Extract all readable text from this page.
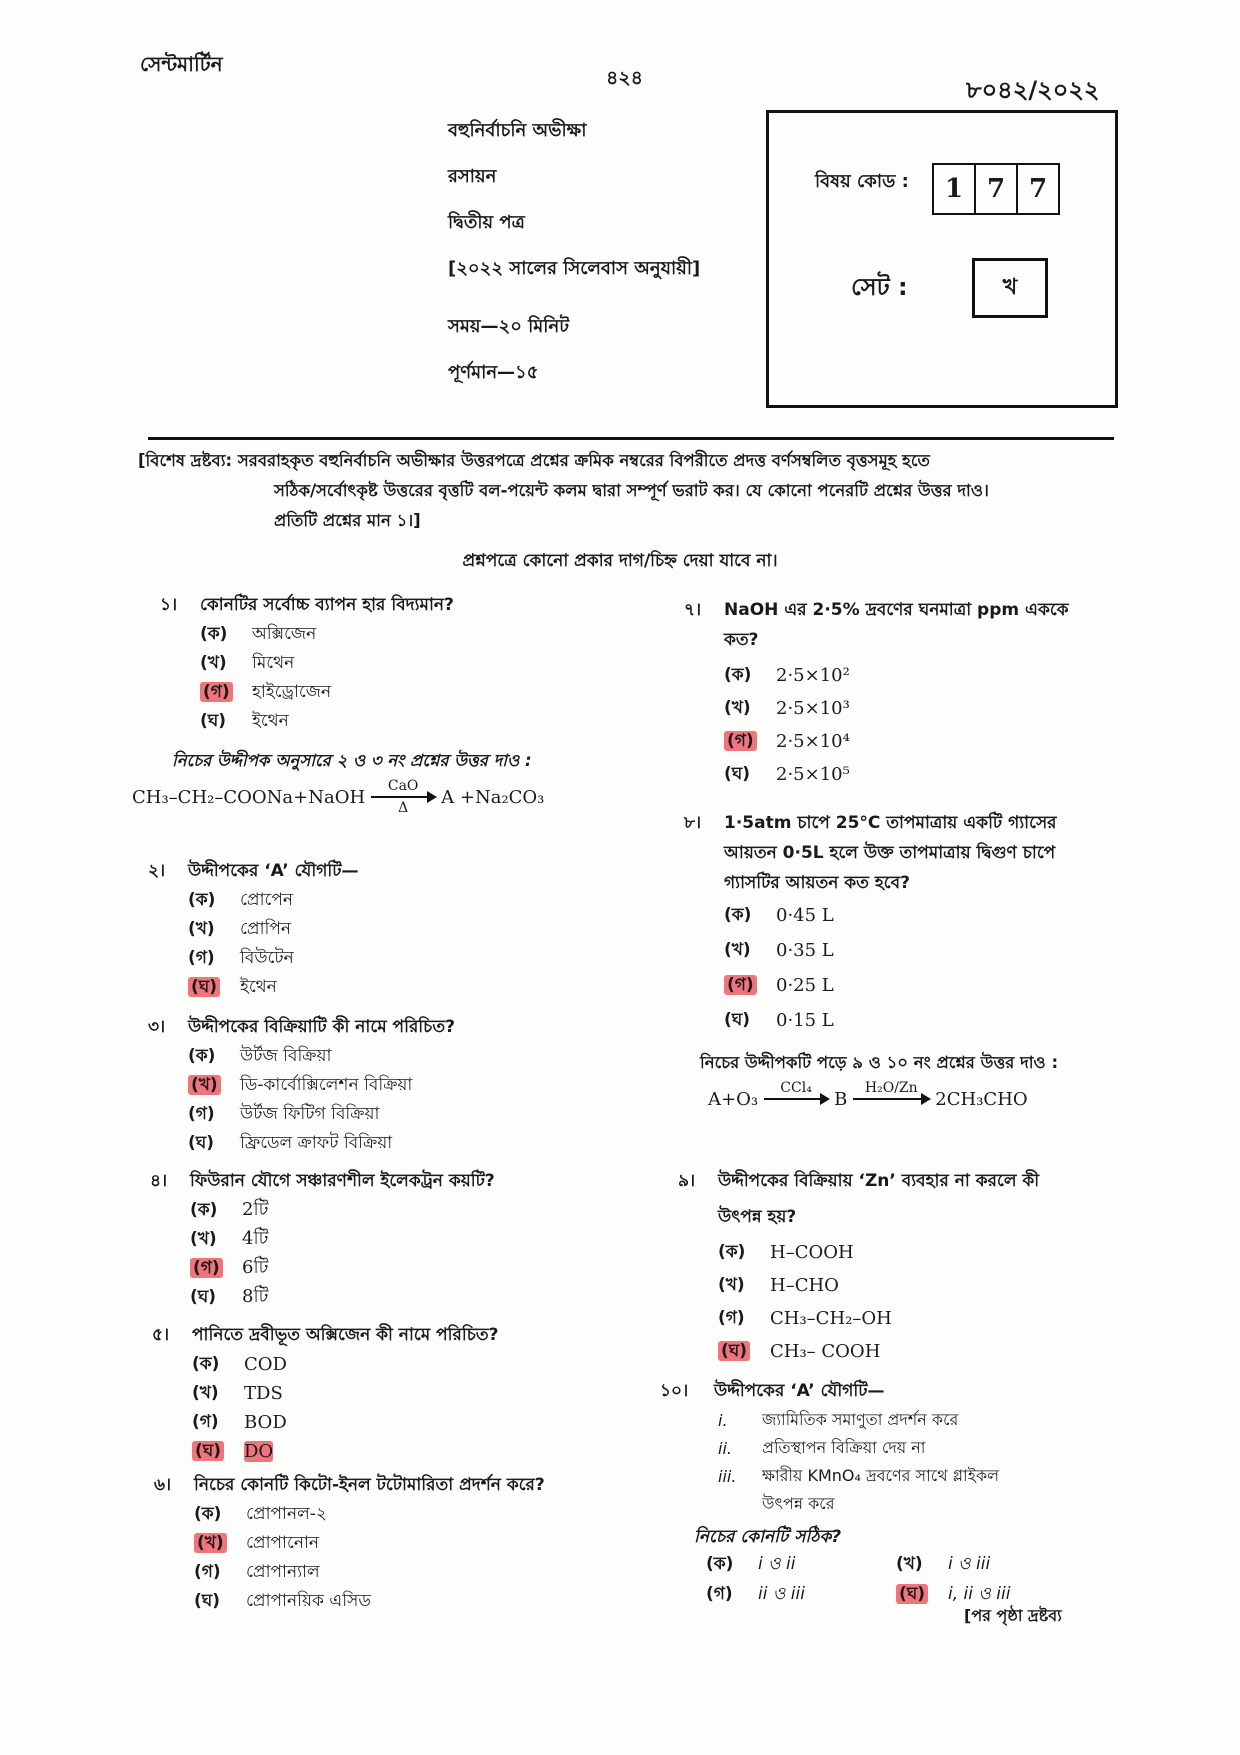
সেন্টমার্টিন
৪২৪	৮০৪২/২০২২
বহুনির্বাচনি অভীক্ষা
রসায়ন
দ্বিতীয় পত্র
[২০২২ সালের সিলেবাস অনুযায়ী]
সময়—২০ মিনিট
পূর্ণমান—১৫
বিষয় কোড :	1 7 7
সেট :	খ
[বিশেষ দ্রষ্টব্য: সরবরাহকৃত বহুনির্বাচনি অভীক্ষার উত্তরপত্রে প্রশ্নের ক্রমিক নম্বরের বিপরীতে প্রদত্ত বর্ণসম্বলিত বৃত্তসমূহ হতে
সঠিক/সর্বোৎকৃষ্ট উত্তরের বৃত্তটি বল-পয়েন্ট কলম দ্বারা সম্পূর্ণ ভরাট কর। যে কোনো পনেরটি প্রশ্নের উত্তর দাও।
প্রতিটি প্রশ্নের মান ১।]
প্রশ্নপত্রে কোনো প্রকার দাগ/চিহ্ন দেয়া যাবে না।
১।	কোনটির সর্বোচ্চ ব্যাপন হার বিদ্যমান?
(ক)	অক্সিজেন
(খ)	মিথেন
(গ)	হাইড্রোজেন
(ঘ)	ইথেন
নিচের উদ্দীপক অনুসারে ২ ও ৩ নং প্রশ্নের উত্তর দাও :
CH₃–CH₂–COONa+NaOH
CaO
Δ
A +Na₂CO₃
২।	উদ্দীপকের ‘A’ যৌগটি—
(ক)	প্রোপেন
(খ)	প্রোপিন
(গ)	বিউটেন
(ঘ)	ইথেন
৩।	উদ্দীপকের বিক্রিয়াটি কী নামে পরিচিত?
(ক)	উর্টজ বিক্রিয়া
(খ)	ডি-কার্বোক্সিলেশন বিক্রিয়া
(গ)	উর্টজ ফিটিগ বিক্রিয়া
(ঘ)	ফ্রিডেল ক্রাফট বিক্রিয়া
৪।	ফিউরান যৌগে সঞ্চারণশীল ইলেকট্রন কয়টি?
(ক)	2টি
(খ)	4টি
(গ)	6টি
(ঘ)	8টি
৫।	পানিতে দ্রবীভূত অক্সিজেন কী নামে পরিচিত?
(ক)	COD
(খ)	TDS
(গ)	BOD
(ঘ)	DO
৬।	নিচের কোনটি কিটো-ইনল টটোমারিতা প্রদর্শন করে?
(ক)	প্রোপানল-২
(খ)	প্রোপানোন
(গ)	প্রোপান্যাল
(ঘ)	প্রোপানয়িক এসিড
৭।	NaOH এর 2·5% দ্রবণের ঘনমাত্রা ppm এককে
কত?
(ক)	2·5×10²
(খ)	2·5×10³
(গ)	2·5×10⁴
(ঘ)	2·5×10⁵
৮।	1·5atm চাপে 25°C তাপমাত্রায় একটি গ্যাসের
আয়তন 0·5L হলে উক্ত তাপমাত্রায় দ্বিগুণ চাপে
গ্যাসটির আয়তন কত হবে?
(ক)	0·45 L
(খ)	0·35 L
(গ)	0·25 L
(ঘ)	0·15 L
নিচের উদ্দীপকটি পড়ে ৯ ও ১০ নং প্রশ্নের উত্তর দাও :
A+O₃
CCl₄
B
H₂O/Zn
2CH₃CHO
৯।	উদ্দীপকের বিক্রিয়ায় ‘Zn’ ব্যবহার না করলে কী
উৎপন্ন হয়?
(ক)	H–COOH
(খ)	H–CHO
(গ)	CH₃–CH₂–OH
(ঘ)	CH₃– COOH
১০।	উদ্দীপকের ‘A’ যৌগটি—
i.	জ্যামিতিক সমাণুতা প্রদর্শন করে
ii.	প্রতিস্থাপন বিক্রিয়া দেয় না
iii.	ক্ষারীয় KMnO₄ দ্রবণের সাথে গ্লাইকল
উৎপন্ন করে
নিচের কোনটি সঠিক?
(ক)	i ও ii	(খ)	i ও iii
(গ)	ii ও iii	(ঘ)	i, ii ও iii
[পর পৃষ্ঠা দ্রষ্টব্য
